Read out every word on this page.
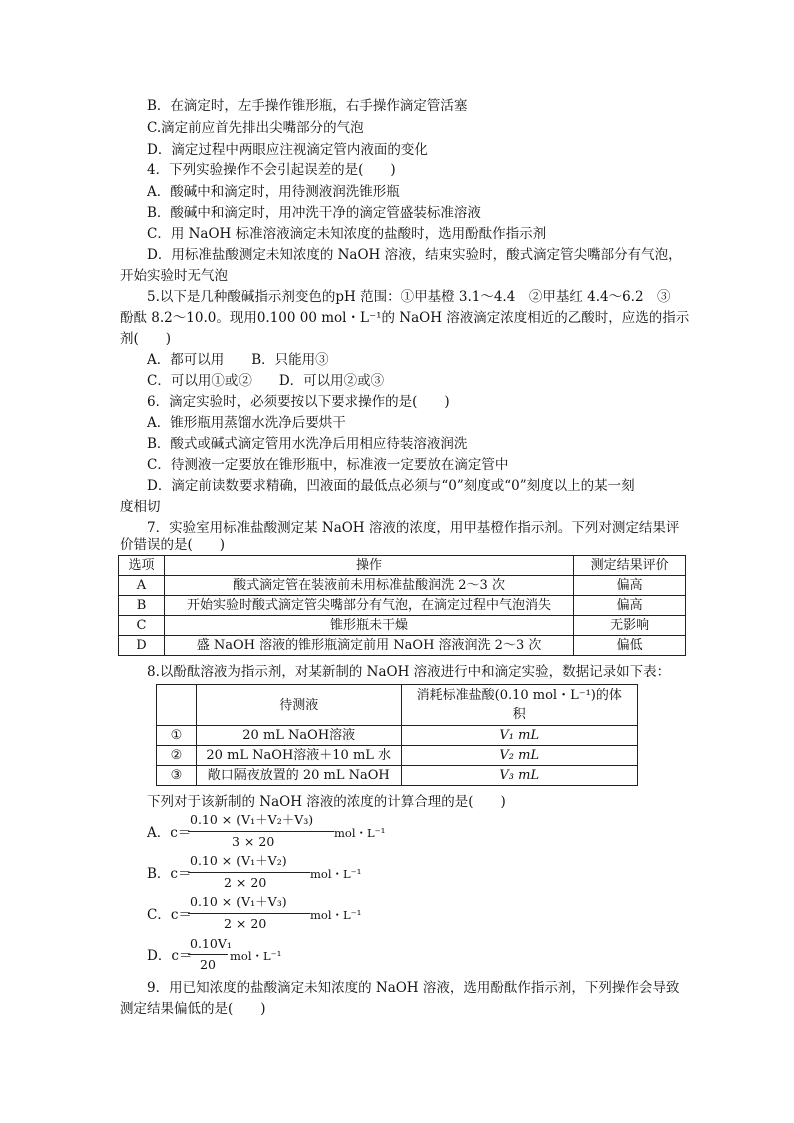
B．在滴定时，左手操作锥形瓶，右手操作滴定管活塞
C.滴定前应首先排出尖嘴部分的气泡
D．滴定过程中两眼应注视滴定管内液面的变化
4．下列实验操作不会引起误差的是(　　)
A．酸碱中和滴定时，用待测液润洗锥形瓶
B．酸碱中和滴定时，用冲洗干净的滴定管盛装标准溶液
C．用 NaOH 标准溶液滴定未知浓度的盐酸时，选用酚酞作指示剂
D．用标准盐酸测定未知浓度的 NaOH 溶液，结束实验时，酸式滴定管尖嘴部分有气泡，
开始实验时无气泡
5.以下是几种酸碱指示剂变色的pH 范围：①甲基橙 3.1～4.4　②甲基红 4.4～6.2　③
酚酞 8.2～10.0。现用0.100 00 mol・L⁻¹的 NaOH 溶液滴定浓度相近的乙酸时，应选的指示
剂(　　)
A．都可以用　　B．只能用③
C．可以用①或②　　D．可以用②或③
6．滴定实验时，必须要按以下要求操作的是(　　)
A．锥形瓶用蒸馏水洗净后要烘干
B．酸式或碱式滴定管用水洗净后用相应待装溶液润洗
C．待测液一定要放在锥形瓶中，标准液一定要放在滴定管中
D．滴定前读数要求精确，凹液面的最低点必须与“0”刻度或“0”刻度以上的某一刻
度相切
7．实验室用标准盐酸测定某 NaOH 溶液的浓度，用甲基橙作指示剂。下列对测定结果评
价错误的是(　　)
选项	操作	测定结果评价
A	酸式滴定管在装液前未用标准盐酸润洗 2～3 次	偏高
B	开始实验时酸式滴定管尖嘴部分有气泡，在滴定过程中气泡消失	偏高
C	锥形瓶未干燥	无影响
D	盛 NaOH 溶液的锥形瓶滴定前用 NaOH 溶液润洗 2～3 次	偏低
8.以酚酞溶液为指示剂，对某新制的 NaOH 溶液进行中和滴定实验，数据记录如下表：
	待测液	消耗标准盐酸(0.10 mol・L⁻¹)的体
积

①	20 mL NaOH溶液	V₁ mL
②	20 mL NaOH溶液＋10 mL 水	V₂ mL
③	敞口隔夜放置的 20 mL NaOH	V₃ mL
下列对于该新制的 NaOH 溶液的浓度的计算合理的是(　　)
A．c＝
0.10 × (V₁＋V₂＋V₃)
3 × 20
mol・L⁻¹
B．c＝
0.10 × (V₁＋V₂)
2 × 20
mol・L⁻¹
C．c＝
0.10 × (V₁＋V₃)
2 × 20
mol・L⁻¹
D．c＝
0.10V₁
20
mol・L⁻¹
9．用已知浓度的盐酸滴定未知浓度的 NaOH 溶液，选用酚酞作指示剂，下列操作会导致
测定结果偏低的是(　　)
